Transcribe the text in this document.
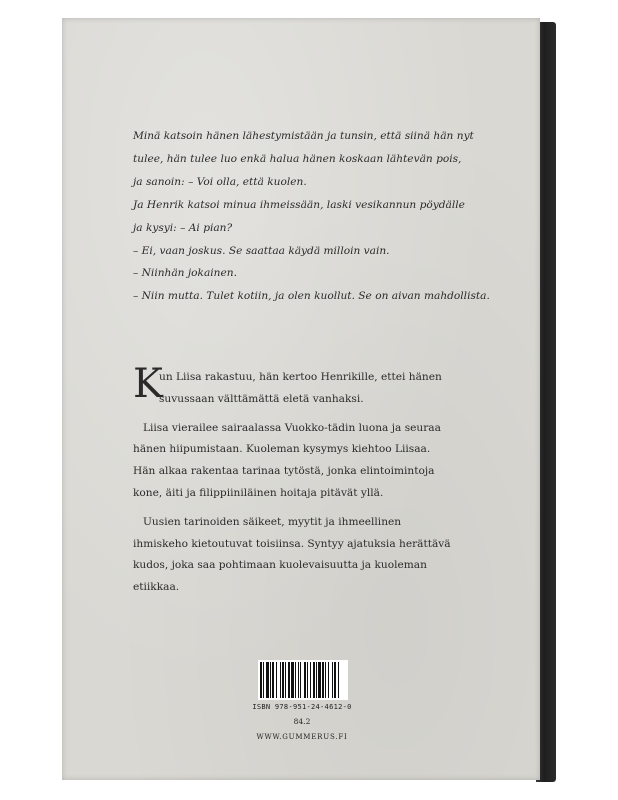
Minä katsoin hänen lähestymistään ja tunsin, että siinä hän nyt
tulee, hän tulee luo enkä halua hänen koskaan lähtevän pois,
ja sanoin: – Voi olla, että kuolen.
Ja Henrik katsoi minua ihmeissään, laski vesikannun pöydälle
ja kysyi: – Ai pian?
– Ei, vaan joskus. Se saattaa käydä milloin vain.
– Niinhän jokainen.
– Niin mutta. Tulet kotiin, ja olen kuollut. Se on aivan mahdollista.
K
un Liisa rakastuu, hän kertoo Henrikille, ettei hänen
suvussaan välttämättä eletä vanhaksi.
Liisa vierailee sairaalassa Vuokko-tädin luona ja seuraa
hänen hiipumistaan. Kuoleman kysymys kiehtoo Liisaa.
Hän alkaa rakentaa tarinaa tytöstä, jonka elintoimintoja
kone, äiti ja filippiiniläinen hoitaja pitävät yllä.
Uusien tarinoiden säikeet, myytit ja ihmeellinen
ihmiskeho kietoutuvat toisiinsa. Syntyy ajatuksia herättävä
kudos, joka saa pohtimaan kuolevaisuutta ja kuoleman
etiikkaa.
ISBN 978-951-24-4612-0
84.2
WWW.GUMMERUS.FI
